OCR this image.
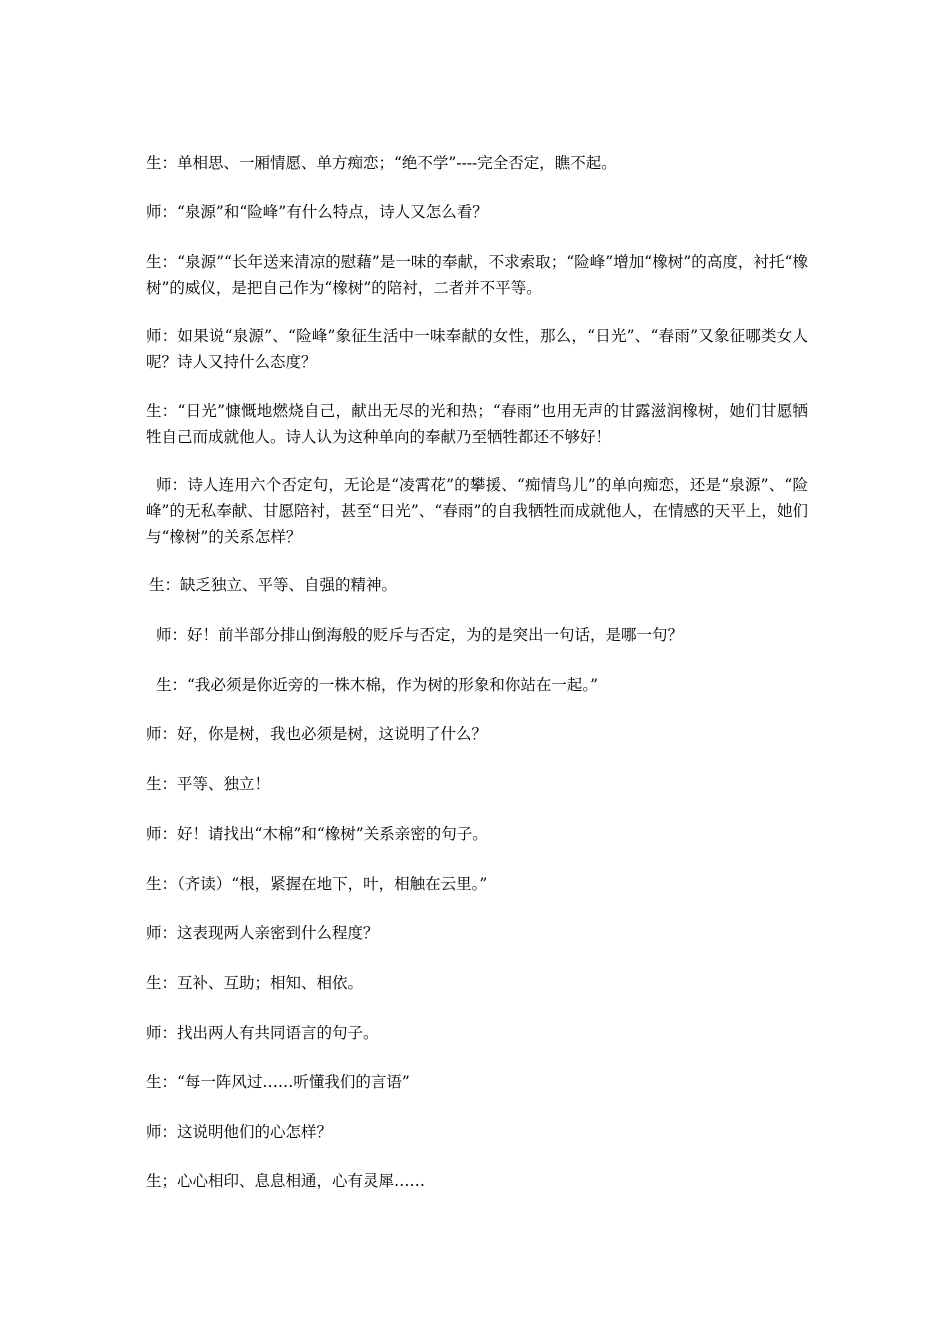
生：单相思、一厢情愿、单方痴恋；“绝不学”----完全否定，瞧不起。

师：“泉源”和“险峰”有什么特点，诗人又怎么看？

生：“泉源”“长年送来清凉的慰藉”是一味的奉献，不求索取；“险峰”增加“橡树”的高度，衬托“橡树”的威仪，是把自己作为“橡树”的陪衬，二者并不平等。

师：如果说“泉源”、“险峰”象征生活中一味奉献的女性，那么，“日光”、“春雨”又象征哪类女人呢？诗人又持什么态度？

生：“日光”慷慨地燃烧自己，献出无尽的光和热；“春雨”也用无声的甘露滋润橡树，她们甘愿牺牲自己而成就他人。诗人认为这种单向的奉献乃至牺牲都还不够好！

师：诗人连用六个否定句，无论是“凌霄花”的攀援、“痴情鸟儿”的单向痴恋，还是“泉源”、“险峰”的无私奉献、甘愿陪衬，甚至“日光”、“春雨”的自我牺牲而成就他人，在情感的天平上，她们与“橡树”的关系怎样？

生：缺乏独立、平等、自强的精神。

师：好！前半部分排山倒海般的贬斥与否定，为的是突出一句话，是哪一句？

生：“我必须是你近旁的一株木棉，作为树的形象和你站在一起。”

师：好，你是树，我也必须是树，这说明了什么？

生：平等、独立！

师：好！请找出“木棉”和“橡树”关系亲密的句子。

生：（齐读）“根，紧握在地下，叶，相触在云里。”

师：这表现两人亲密到什么程度？

生：互补、互助；相知、相依。

师：找出两人有共同语言的句子。

生：“每一阵风过……听懂我们的言语”

师：这说明他们的心怎样？

生；心心相印、息息相通，心有灵犀……
